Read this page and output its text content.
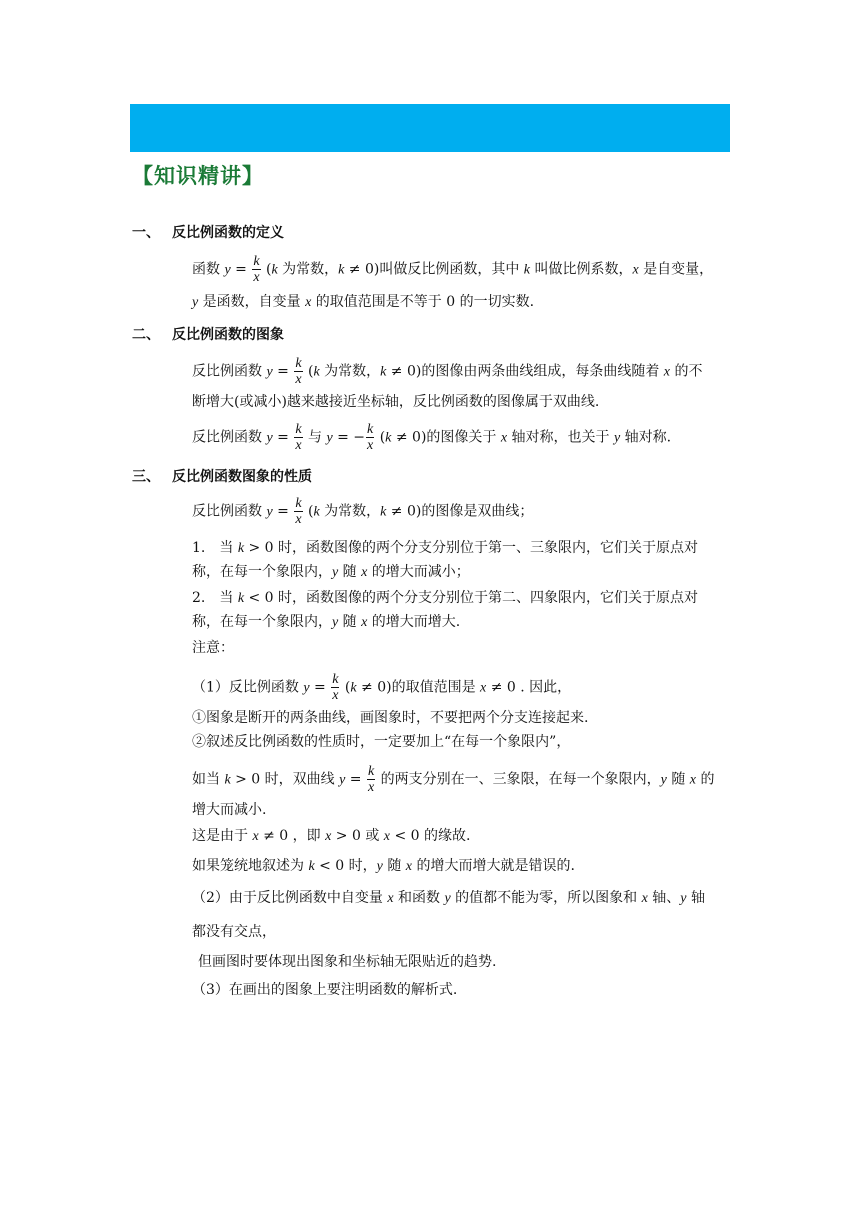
【知识精讲】
一、 反比例函数的定义
函数 $y = \frac{k}{x} (k$ 为常数，k ≠ 0)叫做反比例函数，其中 k 叫做比例系数，x 是自变量，
y 是函数，自变量 x 的取值范围是不等于 0 的一切实数.
二、 反比例函数的图象
反比例函数 $y = \frac{k}{x} (k$ 为常数，k ≠ 0)的图像由两条曲线组成，每条曲线随着 x 的不
断增大(或减小)越来越接近坐标轴，反比例函数的图像属于双曲线.
反比例函数 $y = \frac{k}{x}$ 与 y = − $\frac{k}{x} (k \ne 0)$的图像关于 x 轴对称，也关于 y 轴对称.
三、 反比例函数图象的性质
反比例函数 $y = \frac{k}{x} (k$ 为常数，k ≠ 0)的图像是双曲线；
1.　当 k > 0 时，函数图像的两个分支分别位于第一、三象限内，它们关于原点对
称，在每一个象限内，y 随 x 的增大而减小；
2.　当 k < 0 时，函数图像的两个分支分别位于第二、四象限内，它们关于原点对
称，在每一个象限内，y 随 x 的增大而增大.
注意：
（1）反比例函数 $y = \frac{k}{x} (k \ne 0)$的取值范围是 x ≠ 0 . 因此，
①图象是断开的两条曲线，画图象时，不要把两个分支连接起来.
②叙述反比例函数的性质时，一定要加上“在每一个象限内”，
如当 k > 0 时，双曲线 $y = \frac{k}{x}$ 的两支分别在一、三象限，在每一个象限内，y 随 x 的
增大而减小.
这是由于 x ≠ 0 ，即 x > 0 或 x < 0 的缘故.
如果笼统地叙述为 k < 0 时，y 随 x 的增大而增大就是错误的.
（2）由于反比例函数中自变量 x 和函数 y 的值都不能为零，所以图象和 x 轴、y 轴
都没有交点，
但画图时要体现出图象和坐标轴无限贴近的趋势.
（3）在画出的图象上要注明函数的解析式.
